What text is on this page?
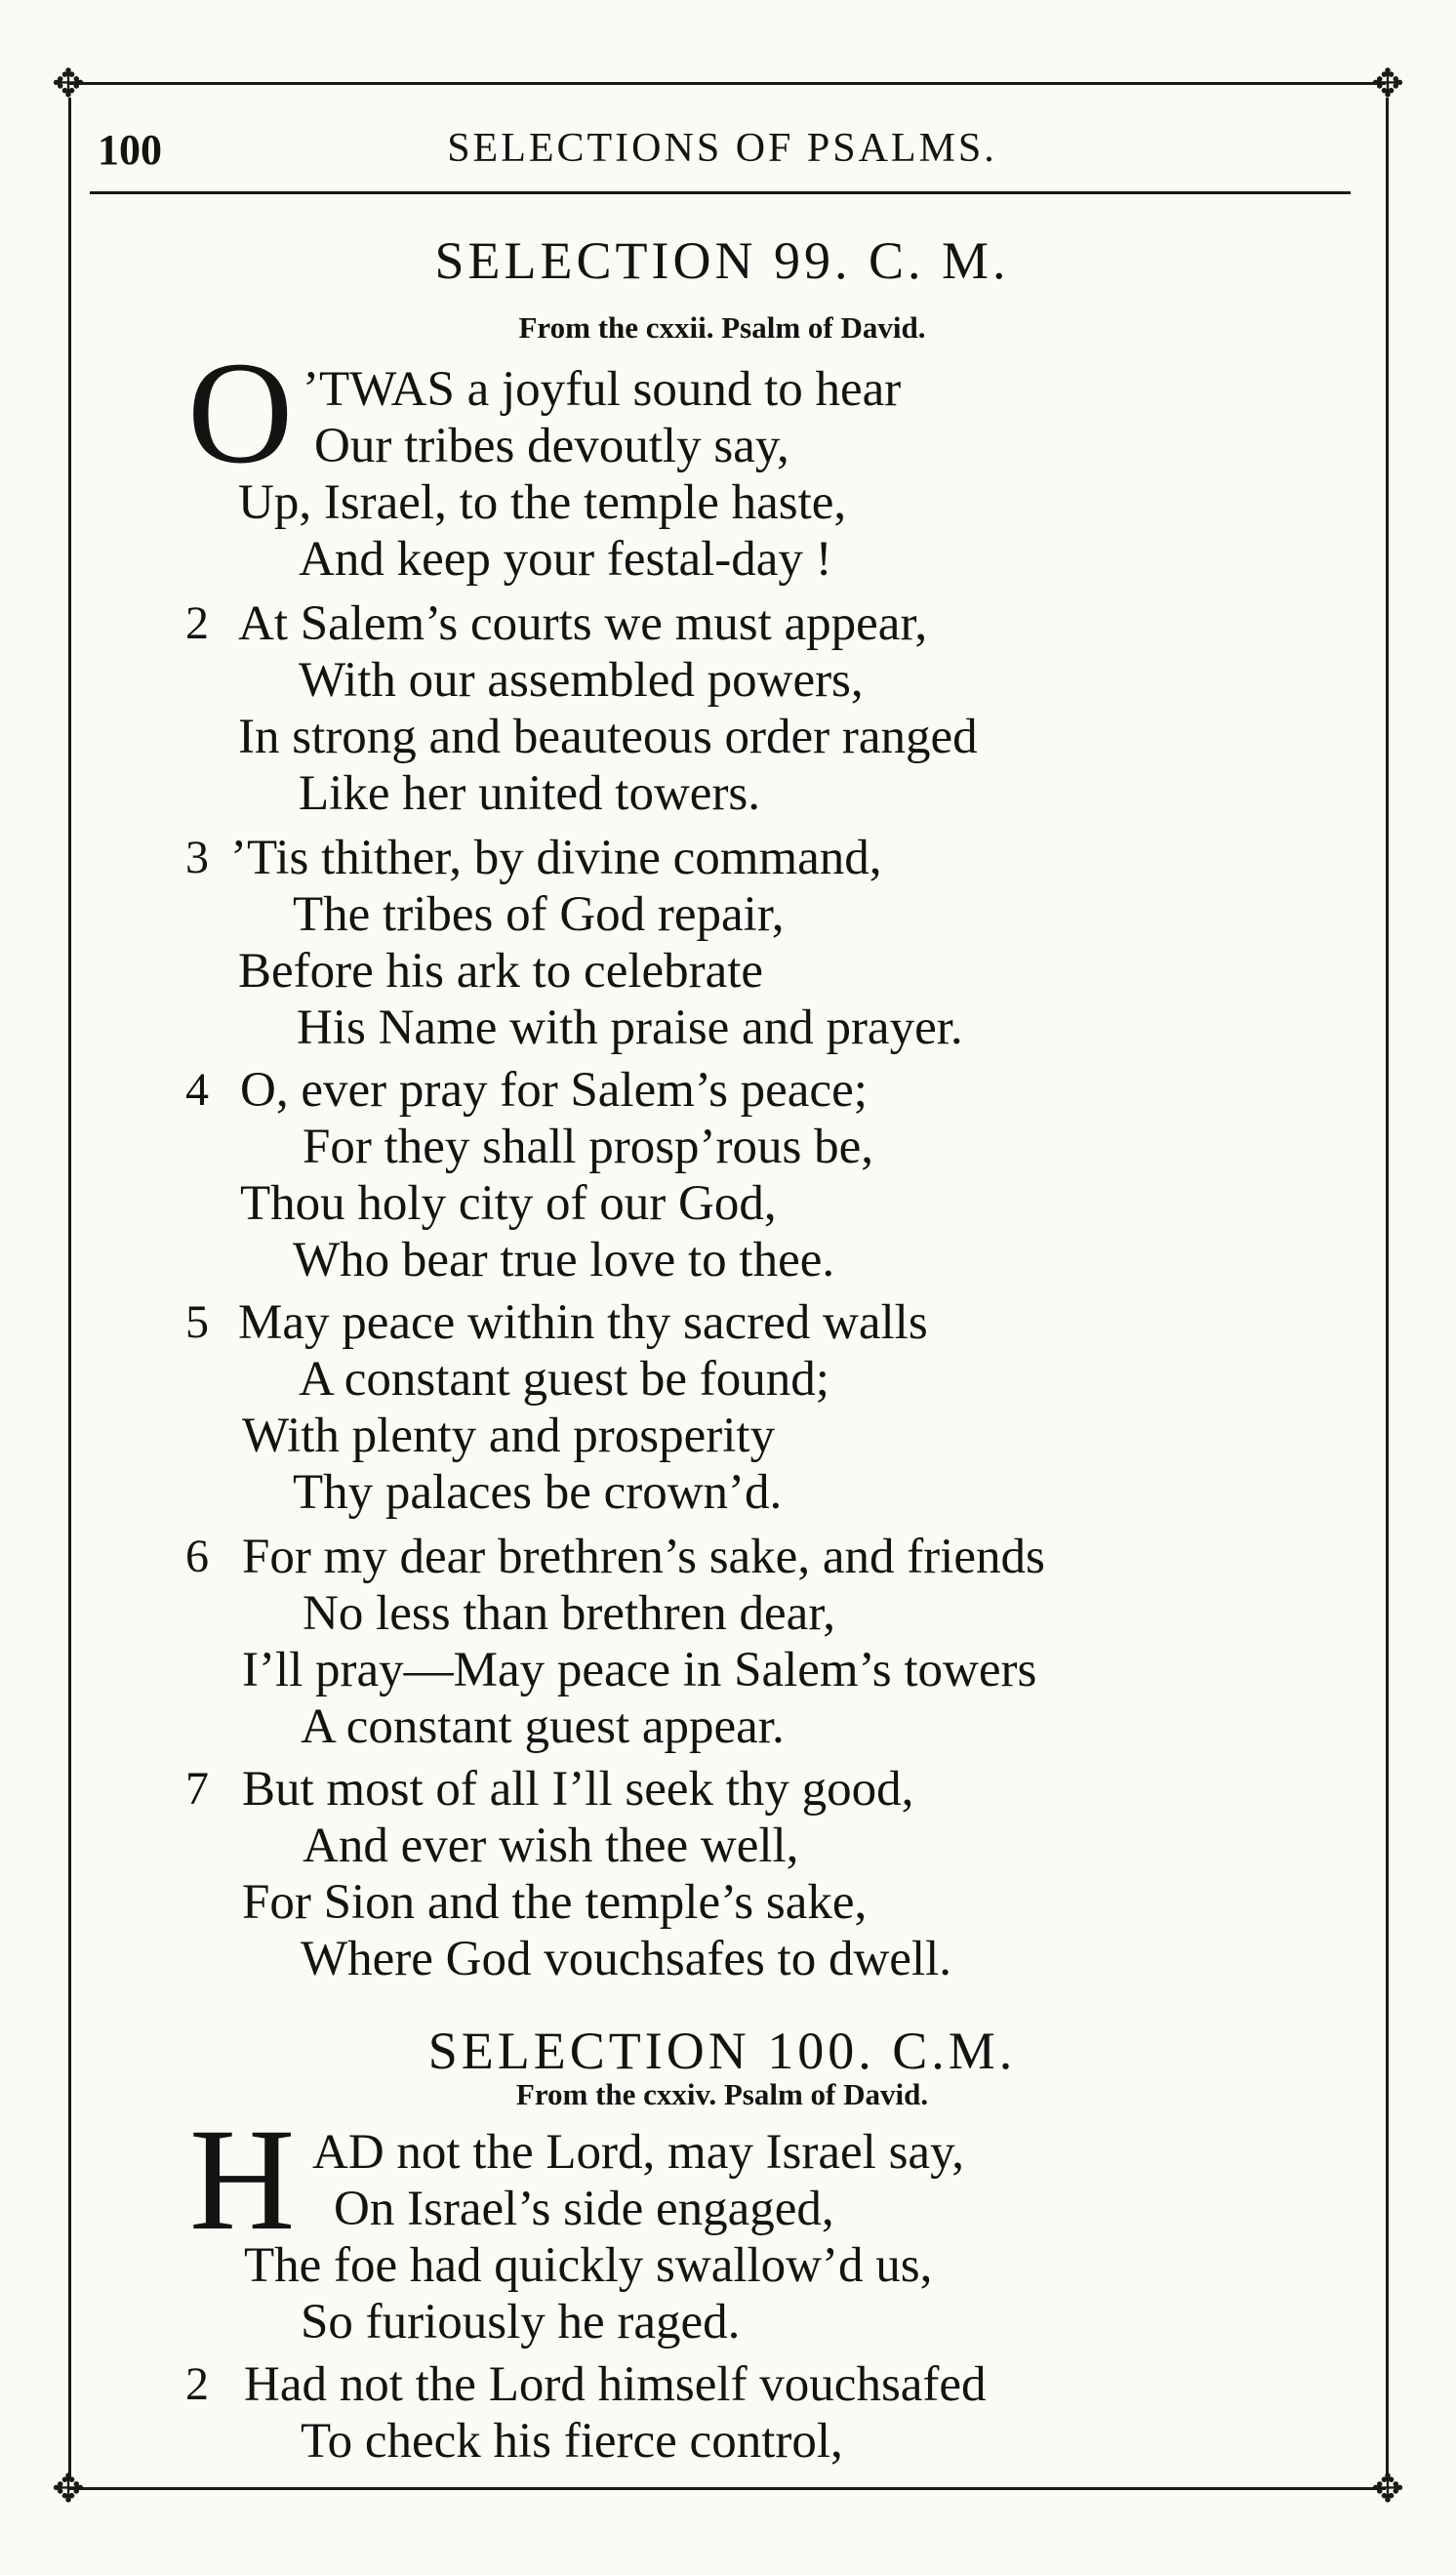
✥	✥
✥	✥
100	SELECTIONS OF PSALMS.
SELECTION 99. C. M.
From the cxxii. Psalm of David.
O ’TWAS a joyful sound to hear
Our tribes devoutly say,
Up, Israel, to the temple haste,
And keep your festal-day !
2 At Salem’s courts we must appear,
With our assembled powers,
In strong and beauteous order ranged
Like her united towers.
3 ’Tis thither, by divine command,
The tribes of God repair,
Before his ark to celebrate
His Name with praise and prayer.
4 O, ever pray for Salem’s peace;
For they shall prosp’rous be,
Thou holy city of our God,
Who bear true love to thee.
5 May peace within thy sacred walls
A constant guest be found;
With plenty and prosperity
Thy palaces be crown’d.
6 For my dear brethren’s sake, and friends
No less than brethren dear,
I’ll pray—May peace in Salem’s towers
A constant guest appear.
7 But most of all I’ll seek thy good,
And ever wish thee well,
For Sion and the temple’s sake,
Where God vouchsafes to dwell.
SELECTION 100. C.M.
From the cxxiv. Psalm of David.
H AD not the Lord, may Israel say,
On Israel’s side engaged,
The foe had quickly swallow’d us,
So furiously he raged.
2 Had not the Lord himself vouchsafed
To check his fierce control,
